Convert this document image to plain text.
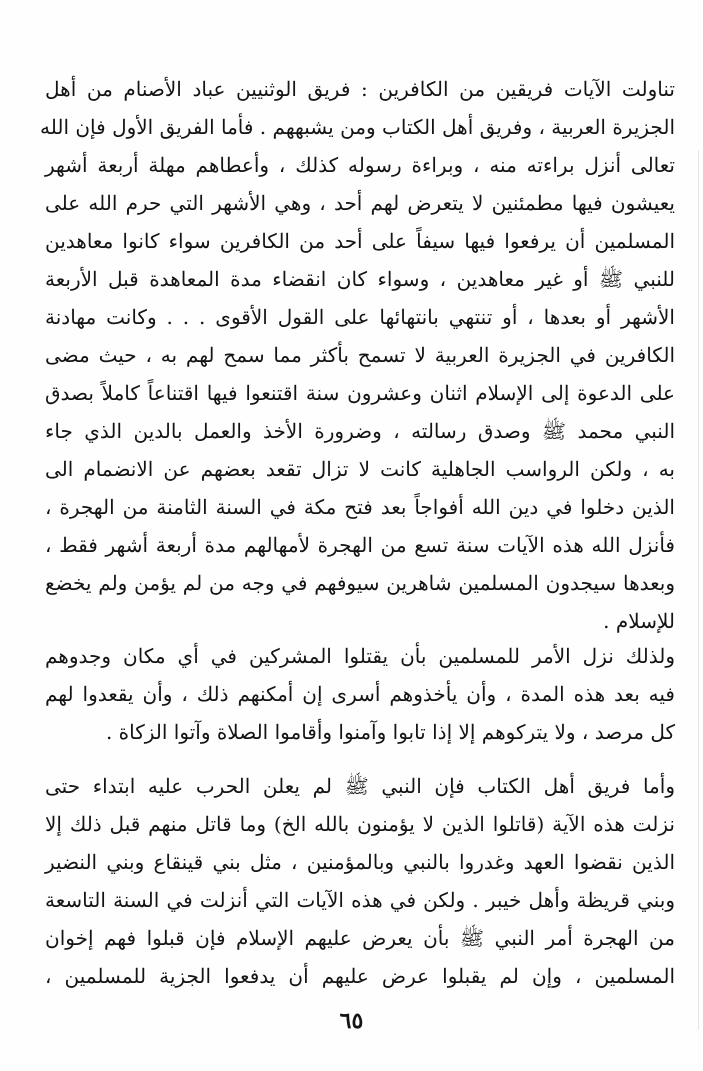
تناولت الآيات فريقين من الكافرين : فريق الوثنيين عباد الأصنام من أهل
الجزيرة العربية ، وفريق أهل الكتاب ومن يشبههم . فأما الفريق الأول فإن الله
تعالى أنزل براءته منه ، وبراءة رسوله كذلك ، وأعطاهم مهلة أربعة أشهر
يعيشون فيها مطمئنين لا يتعرض لهم أحد ، وهي الأشهر التي حرم الله على
المسلمين أن يرفعوا فيها سيفاً على أحد من الكافرين سواء كانوا معاهدين
للنبي ﷺ أو غير معاهدين ، وسواء كان انقضاء مدة المعاهدة قبل الأربعة
الأشهر أو بعدها ، أو تنتهي بانتهائها على القول الأقوى . . . وكانت مهادنة
الكافرين في الجزيرة العربية لا تسمح بأكثر مما سمح لهم به ، حيث مضى
على الدعوة إلى الإسلام اثنان وعشرون سنة اقتنعوا فيها اقتناعاً كاملاً بصدق
النبي محمد ﷺ وصدق رسالته ، وضرورة الأخذ والعمل بالدين الذي جاء
به ، ولكن الرواسب الجاهلية كانت لا تزال تقعد بعضهم عن الانضمام الى
الذين دخلوا في دين الله أفواجاً بعد فتح مكة في السنة الثامنة من الهجرة ،
فأنزل الله هذه الآيات سنة تسع من الهجرة لأمهالهم مدة أربعة أشهر فقط ،
وبعدها سيجدون المسلمين شاهرين سيوفهم في وجه من لم يؤمن ولم يخضع
للإسلام .
ولذلك نزل الأمر للمسلمين بأن يقتلوا المشركين في أي مكان وجدوهم
فيه بعد هذه المدة ، وأن يأخذوهم أسرى إن أمكنهم ذلك ، وأن يقعدوا لهم
كل مرصد ، ولا يتركوهم إلا إذا تابوا وآمنوا وأقاموا الصلاة وآتوا الزكاة .
وأما فريق أهل الكتاب فإن النبي ﷺ لم يعلن الحرب عليه ابتداء حتى
نزلت هذه الآية (قاتلوا الذين لا يؤمنون بالله الخ) وما قاتل منهم قبل ذلك إلا
الذين نقضوا العهد وغدروا بالنبي وبالمؤمنين ، مثل بني قينقاع وبني النضير
وبني قريظة وأهل خيبر . ولكن في هذه الآيات التي أنزلت في السنة التاسعة
من الهجرة أمر النبي ﷺ بأن يعرض عليهم الإسلام فإن قبلوا فهم إخوان
المسلمين ، وإن لم يقبلوا عرض عليهم أن يدفعوا الجزية للمسلمين ،
٦٥
